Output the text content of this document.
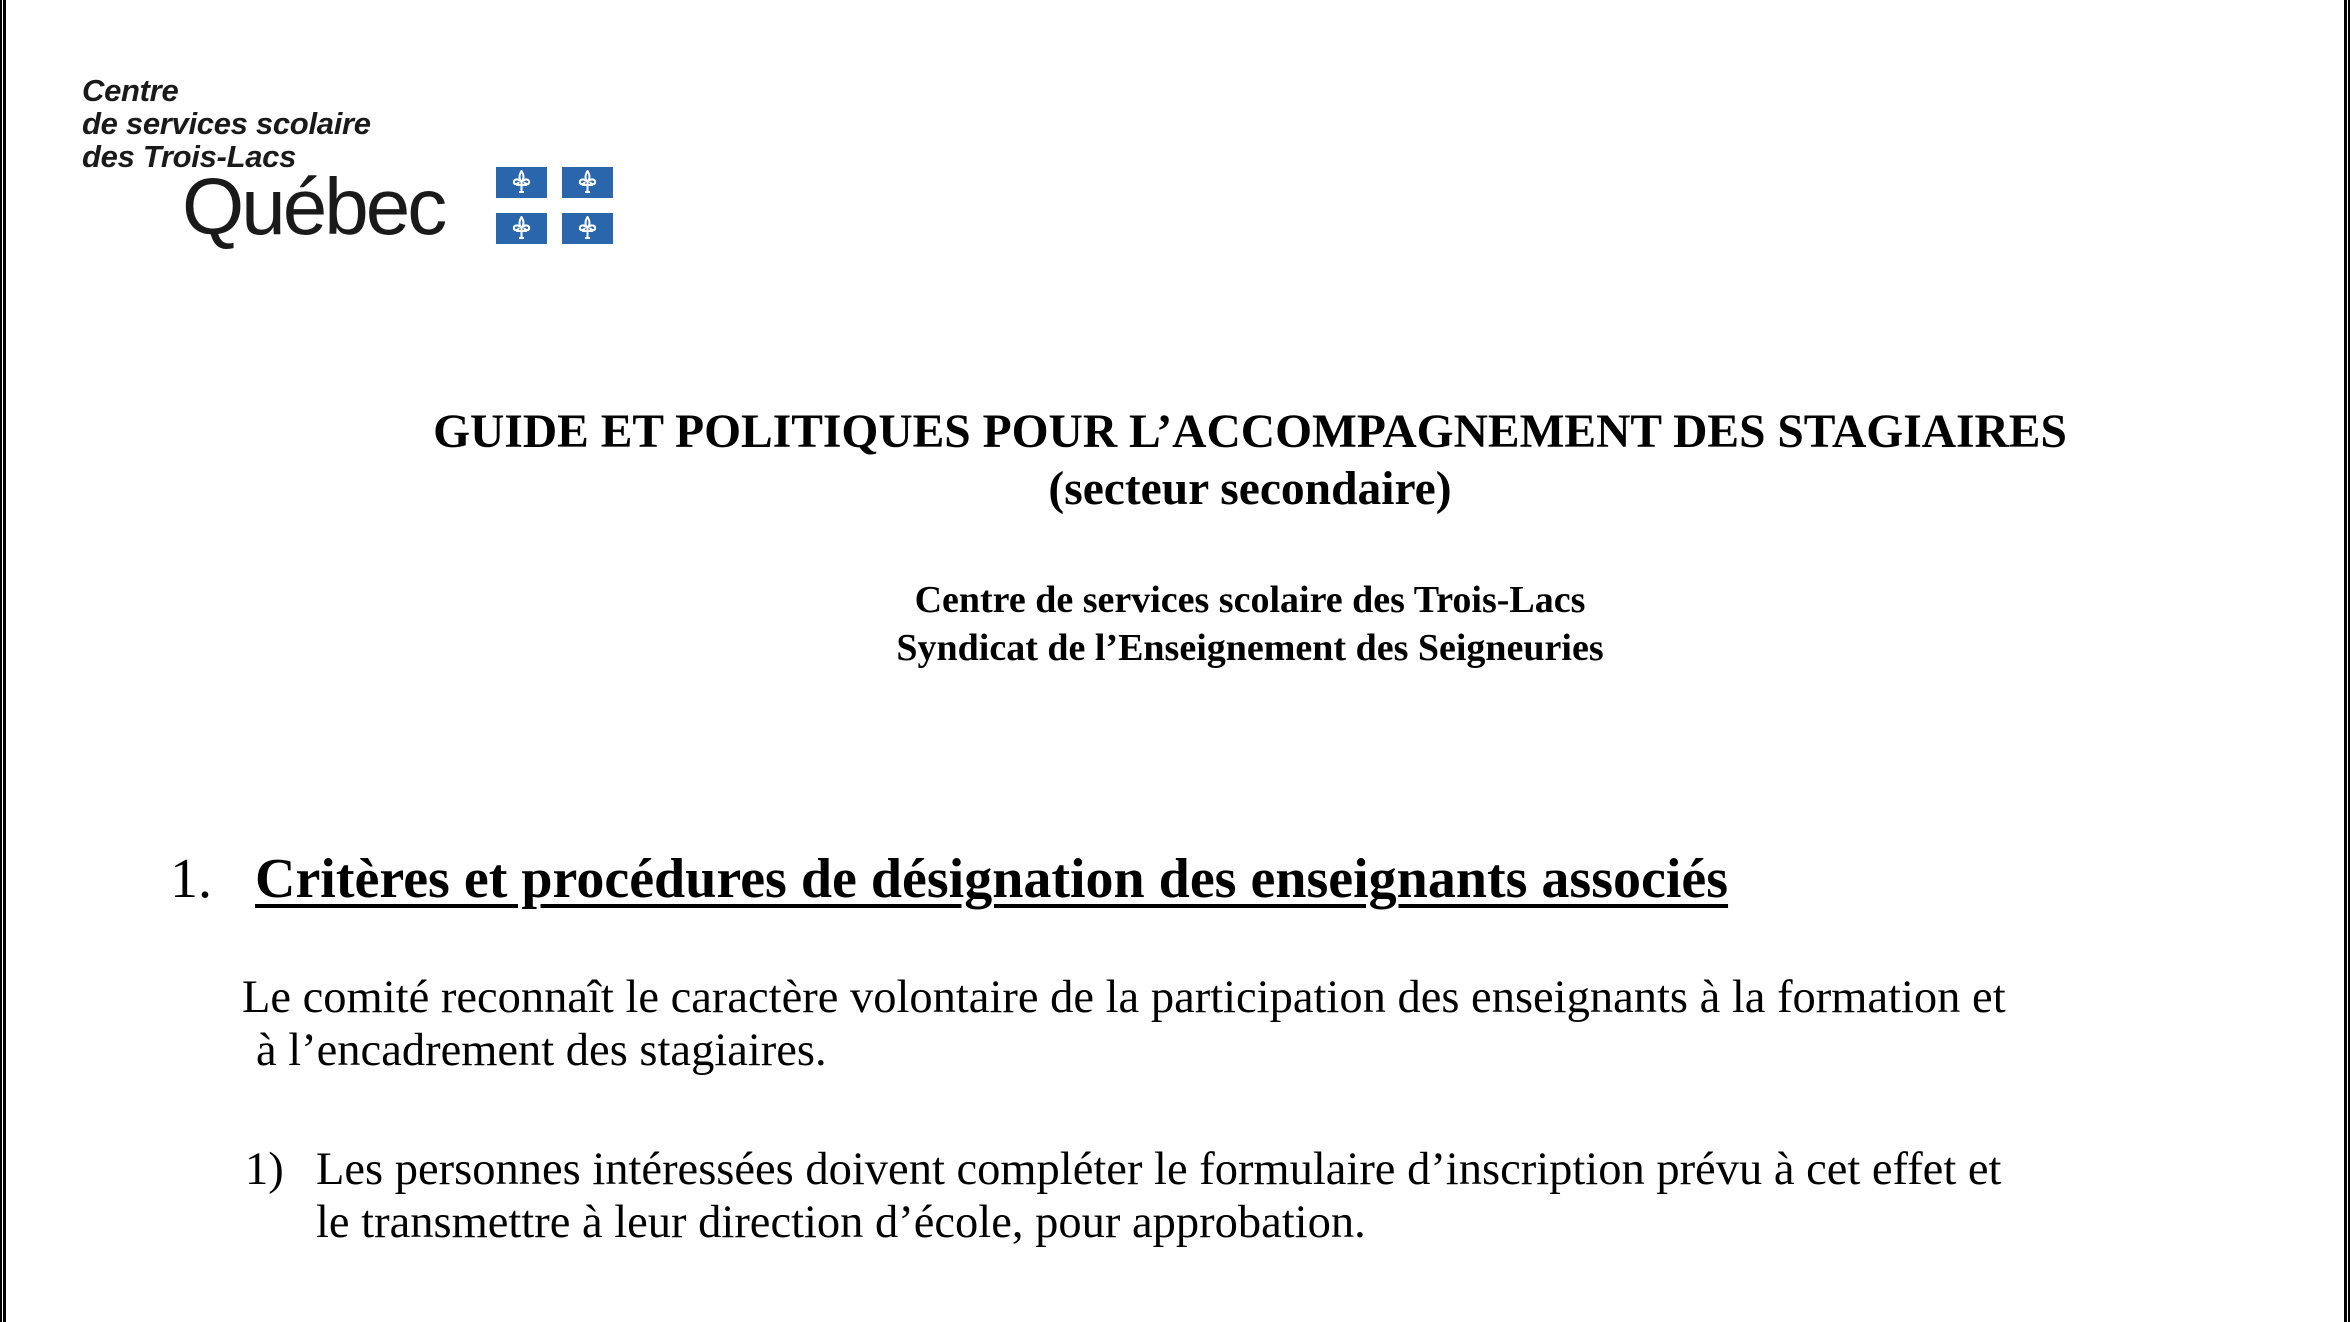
Centre
de services scolaire
des Trois-Lacs
Québec
GUIDE ET POLITIQUES POUR L’ACCOMPAGNEMENT DES STAGIAIRES
(secteur secondaire)
Centre de services scolaire des Trois-Lacs
Syndicat de l’Enseignement des Seigneuries
1. Critères et procédures de désignation des enseignants associés
Le comité reconnaît le caractère volontaire de la participation des enseignants à la formation et
à l’encadrement des stagiaires.
1) Les personnes intéressées doivent compléter le formulaire d’inscription prévu à cet effet et
le transmettre à leur direction d’école, pour approbation.
